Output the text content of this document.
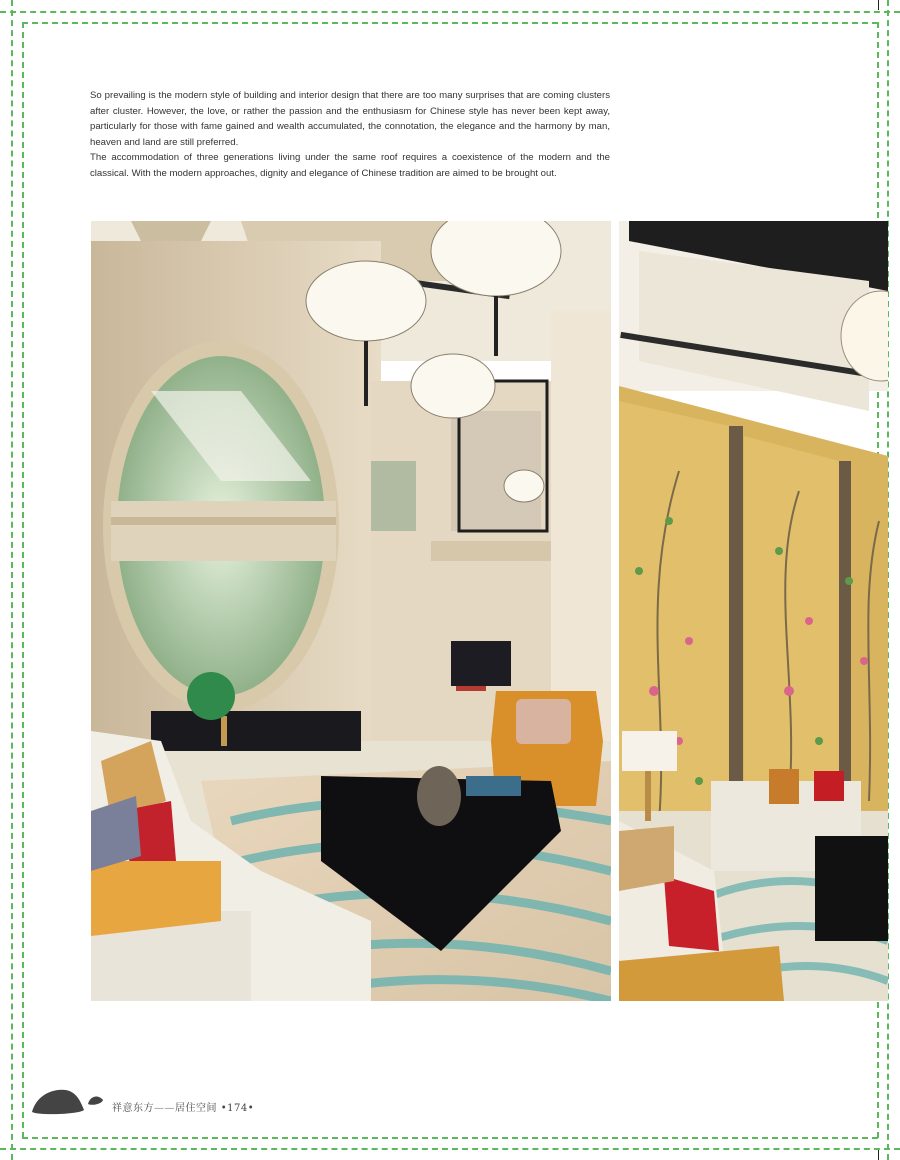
So prevailing is the modern style of building and interior design that there are too many surprises that are coming clusters after cluster. However, the love, or rather the passion and the enthusiasm for Chinese style has never been kept away, particularly for those with fame gained and wealth accumulated, the connotation, the elegance and the harmony by man, heaven and land are still preferred.

The accommodation of three generations living under the same roof requires a coexistence of the modern and the classical. With the modern approaches, dignity and elegance of Chinese tradition are aimed to be brought out.

祥意东方——居住空间 •174•
